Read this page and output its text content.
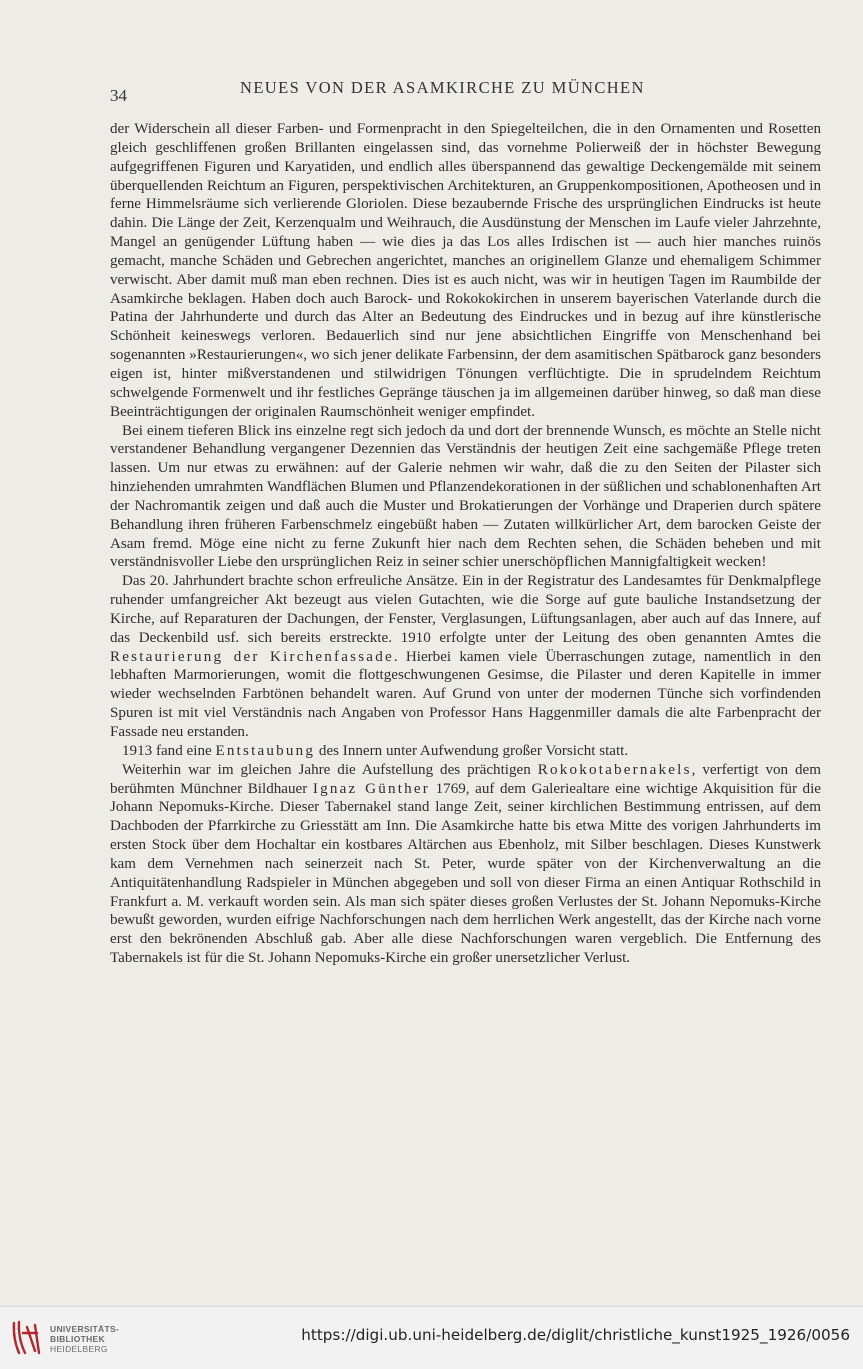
34	NEUES VON DER ASAMKIRCHE ZU MÜNCHEN

der Widerschein all dieser Farben- und Formenpracht in den Spiegelteilchen, die in den Ornamenten und Rosetten gleich geschliffenen großen Brillanten eingelassen sind, das vornehme Polierweiß der in höchster Bewegung aufgegriffenen Figuren und Karyatiden, und endlich alles überspannend das gewaltige Deckengemälde mit seinem überquellenden Reichtum an Figuren, perspektivischen Architekturen, an Gruppenkompositionen, Apotheosen und in ferne Himmelsräume sich verlierende Gloriolen. Diese bezaubernde Frische des ursprünglichen Eindrucks ist heute dahin. Die Länge der Zeit, Kerzenqualm und Weihrauch, die Ausdünstung der Menschen im Laufe vieler Jahrzehnte, Mangel an genügender Lüftung haben — wie dies ja das Los alles Irdischen ist — auch hier manches ruinös gemacht, manche Schäden und Gebrechen angerichtet, manches an originellem Glanze und ehemaligem Schimmer verwischt. Aber damit muß man eben rechnen. Dies ist es auch nicht, was wir in heutigen Tagen im Raumbilde der Asamkirche beklagen. Haben doch auch Barock- und Rokokokirchen in unserem bayerischen Vaterlande durch die Patina der Jahrhunderte und durch das Alter an Bedeutung des Eindruckes und in bezug auf ihre künstlerische Schönheit keineswegs verloren. Bedauerlich sind nur jene absichtlichen Eingriffe von Menschenhand bei sogenannten »Restaurierungen«, wo sich jener delikate Farbensinn, der dem asamitischen Spätbarock ganz besonders eigen ist, hinter mißverstandenen und stilwidrigen Tönungen verflüchtigte. Die in sprudelndem Reichtum schwelgende Formenwelt und ihr festliches Gepränge täuschen ja im allgemeinen darüber hinweg, so daß man diese Beeinträchtigungen der originalen Raumschönheit weniger empfindet.

Bei einem tieferen Blick ins einzelne regt sich jedoch da und dort der brennende Wunsch, es möchte an Stelle nicht verstandener Behandlung vergangener Dezennien das Verständnis der heutigen Zeit eine sachgemäße Pflege treten lassen. Um nur etwas zu erwähnen: auf der Galerie nehmen wir wahr, daß die zu den Seiten der Pilaster sich hinziehenden umrahmten Wandflächen Blumen und Pflanzendekorationen in der süßlichen und schablonenhaften Art der Nachromantik zeigen und daß auch die Muster und Brokatierungen der Vorhänge und Draperien durch spätere Behandlung ihren früheren Farbenschmelz eingebüßt haben — Zutaten willkürlicher Art, dem barocken Geiste der Asam fremd. Möge eine nicht zu ferne Zukunft hier nach dem Rechten sehen, die Schäden beheben und mit verständnisvoller Liebe den ursprünglichen Reiz in seiner schier unerschöpflichen Mannigfaltigkeit wecken!

Das 20. Jahrhundert brachte schon erfreuliche Ansätze. Ein in der Registratur des Landesamtes für Denkmalpflege ruhender umfangreicher Akt bezeugt aus vielen Gutachten, wie die Sorge auf gute bauliche Instandsetzung der Kirche, auf Reparaturen der Dachungen, der Fenster, Verglasungen, Lüftungsanlagen, aber auch auf das Innere, auf das Deckenbild usf. sich bereits erstreckte. 1910 erfolgte unter der Leitung des oben genannten Amtes die Restaurierung der Kirchenfassade. Hierbei kamen viele Überraschungen zutage, namentlich in den lebhaften Marmorierungen, womit die flottgeschwungenen Gesimse, die Pilaster und deren Kapitelle in immer wieder wechselnden Farbtönen behandelt waren. Auf Grund von unter der modernen Tünche sich vorfindenden Spuren ist mit viel Verständnis nach Angaben von Professor Hans Haggenmiller damals die alte Farbenpracht der Fassade neu erstanden.

1913 fand eine Entstaubung des Innern unter Aufwendung großer Vorsicht statt.

Weiterhin war im gleichen Jahre die Aufstellung des prächtigen Rokokotabernakels, verfertigt von dem berühmten Münchner Bildhauer Ignaz Günther 1769, auf dem Galeriealtare eine wichtige Akquisition für die Johann Nepomuks-Kirche. Dieser Tabernakel stand lange Zeit, seiner kirchlichen Bestimmung entrissen, auf dem Dachboden der Pfarrkirche zu Griesstätt am Inn. Die Asamkirche hatte bis etwa Mitte des vorigen Jahrhunderts im ersten Stock über dem Hochaltar ein kostbares Altärchen aus Ebenholz, mit Silber beschlagen. Dieses Kunstwerk kam dem Vernehmen nach seinerzeit nach St. Peter, wurde später von der Kirchenverwaltung an die Antiquitätenhandlung Radspieler in München abgegeben und soll von dieser Firma an einen Antiquar Rothschild in Frankfurt a. M. verkauft worden sein. Als man sich später dieses großen Verlustes der St. Johann Nepomuks-Kirche bewußt geworden, wurden eifrige Nachforschungen nach dem herrlichen Werk angestellt, das der Kirche nach vorne erst den bekrönenden Abschluß gab. Aber alle diese Nachforschungen waren vergeblich. Die Entfernung des Tabernakels ist für die St. Johann Nepomuks-Kirche ein großer unersetzlicher Verlust.

UNIVERSITÄTS-
BIBLIOTHEK
HEIDELBERG
https://digi.ub.uni-heidelberg.de/diglit/christliche_kunst1925_1926/0056
